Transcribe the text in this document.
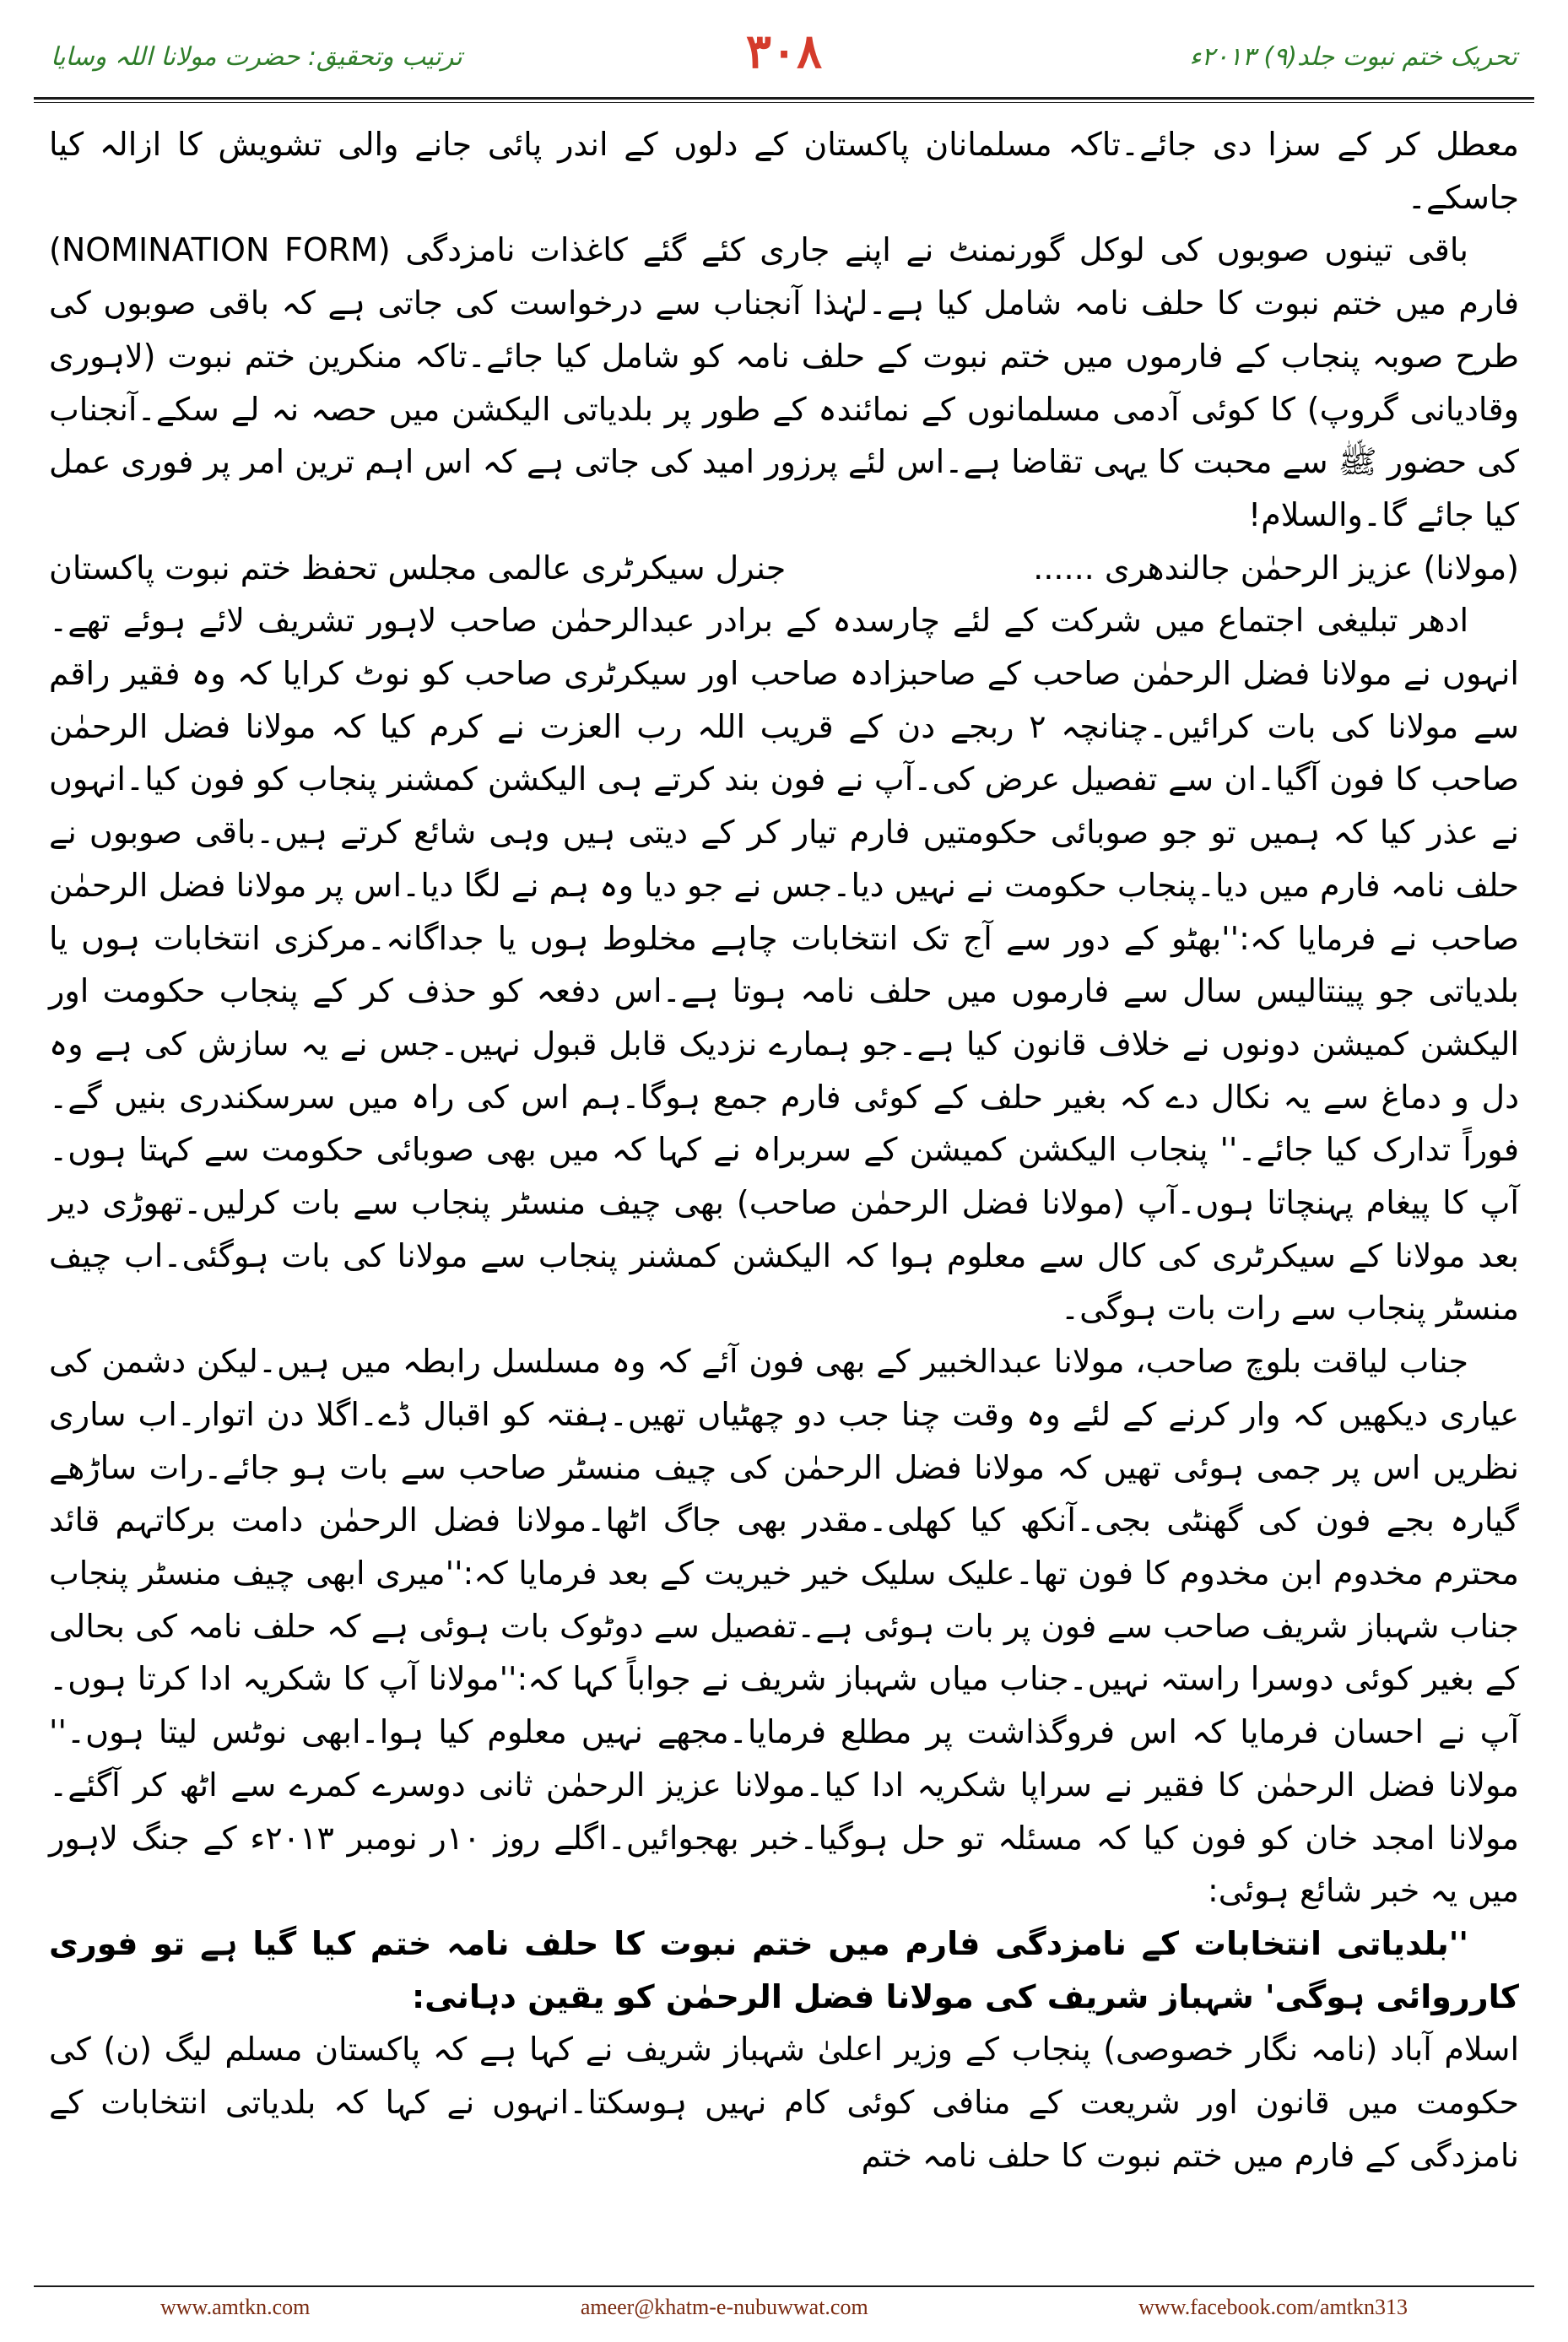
تحریک ختم نبوت جلد(۹) ۲۰۱۳ء
۳۰۸
ترتیب وتحقیق: حضرت مولانا اللہ وسایا

معطل کر کے سزا دی جائے۔تاکہ مسلمانان پاکستان کے دلوں کے اندر پائی جانے والی تشویش کا ازالہ کیا جاسکے۔

باقی تینوں صوبوں کی لوکل گورنمنٹ نے اپنے جاری کئے گئے کاغذات نامزدگی (NOMINATION FORM) فارم میں ختم نبوت کا حلف نامہ شامل کیا ہے۔لہٰذا آنجناب سے درخواست کی جاتی ہے کہ باقی صوبوں کی طرح صوبہ پنجاب کے فارموں میں ختم نبوت کے حلف نامہ کو شامل کیا جائے۔تاکہ منکرین ختم نبوت (لاہوری وقادیانی گروپ) کا کوئی آدمی مسلمانوں کے نمائندہ کے طور پر بلدیاتی الیکشن میں حصہ نہ لے سکے۔آنجناب کی حضور ﷺ سے محبت کا یہی تقاضا ہے۔اس لئے پرزور امید کی جاتی ہے کہ اس اہم ترین امر پر فوری عمل کیا جائے گا۔والسلام!

(مولانا) عزیز الرحمٰن جالندھری ......
جنرل سیکرٹری عالمی مجلس تحفظ ختم نبوت پاکستان

ادھر تبلیغی اجتماع میں شرکت کے لئے چارسدہ کے برادر عبدالرحمٰن صاحب لاہور تشریف لائے ہوئے تھے۔انہوں نے مولانا فضل الرحمٰن صاحب کے صاحبزادہ صاحب اور سیکرٹری صاحب کو نوٹ کرایا کہ وہ فقیر راقم سے مولانا کی بات کرائیں۔چنانچہ ۲ ربجے دن کے قریب اللہ رب العزت نے کرم کیا کہ مولانا فضل الرحمٰن صاحب کا فون آگیا۔ان سے تفصیل عرض کی۔آپ نے فون بند کرتے ہی الیکشن کمشنر پنجاب کو فون کیا۔انہوں نے عذر کیا کہ ہمیں تو جو صوبائی حکومتیں فارم تیار کر کے دیتی ہیں وہی شائع کرتے ہیں۔باقی صوبوں نے حلف نامہ فارم میں دیا۔پنجاب حکومت نے نہیں دیا۔جس نے جو دیا وہ ہم نے لگا دیا۔اس پر مولانا فضل الرحمٰن صاحب نے فرمایا کہ:''بھٹو کے دور سے آج تک انتخابات چاہے مخلوط ہوں یا جداگانہ۔مرکزی انتخابات ہوں یا بلدیاتی جو پینتالیس سال سے فارموں میں حلف نامہ ہوتا ہے۔اس دفعہ کو حذف کر کے پنجاب حکومت اور الیکشن کمیشن دونوں نے خلاف قانون کیا ہے۔جو ہمارے نزدیک قابل قبول نہیں۔جس نے یہ سازش کی ہے وہ دل و دماغ سے یہ نکال دے کہ بغیر حلف کے کوئی فارم جمع ہوگا۔ہم اس کی راہ میں سرسکندری بنیں گے۔فوراً تدارک کیا جائے۔'' پنجاب الیکشن کمیشن کے سربراہ نے کہا کہ میں بھی صوبائی حکومت سے کہتا ہوں۔آپ کا پیغام پہنچاتا ہوں۔آپ (مولانا فضل الرحمٰن صاحب) بھی چیف منسٹر پنجاب سے بات کرلیں۔تھوڑی دیر بعد مولانا کے سیکرٹری کی کال سے معلوم ہوا کہ الیکشن کمشنر پنجاب سے مولانا کی بات ہوگئی۔اب چیف منسٹر پنجاب سے رات بات ہوگی۔

جناب لیاقت بلوچ صاحب، مولانا عبدالخبیر کے بھی فون آئے کہ وہ مسلسل رابطہ میں ہیں۔لیکن دشمن کی عیاری دیکھیں کہ وار کرنے کے لئے وہ وقت چنا جب دو چھٹیاں تھیں۔ہفتہ کو اقبال ڈے۔اگلا دن اتوار۔اب ساری نظریں اس پر جمی ہوئی تھیں کہ مولانا فضل الرحمٰن کی چیف منسٹر صاحب سے بات ہو جائے۔رات ساڑھے گیارہ بجے فون کی گھنٹی بجی۔آنکھ کیا کھلی۔مقدر بھی جاگ اٹھا۔مولانا فضل الرحمٰن دامت برکاتہم قائد محترم مخدوم ابن مخدوم کا فون تھا۔علیک سلیک خیر خیریت کے بعد فرمایا کہ:''میری ابھی چیف منسٹر پنجاب جناب شہباز شریف صاحب سے فون پر بات ہوئی ہے۔تفصیل سے دوٹوک بات ہوئی ہے کہ حلف نامہ کی بحالی کے بغیر کوئی دوسرا راستہ نہیں۔جناب میاں شہباز شریف نے جواباً کہا کہ:''مولانا آپ کا شکریہ ادا کرتا ہوں۔آپ نے احسان فرمایا کہ اس فروگذاشت پر مطلع فرمایا۔مجھے نہیں معلوم کیا ہوا۔ابھی نوٹس لیتا ہوں۔'' مولانا فضل الرحمٰن کا فقیر نے سراپا شکریہ ادا کیا۔مولانا عزیز الرحمٰن ثانی دوسرے کمرے سے اٹھ کر آگئے۔مولانا امجد خان کو فون کیا کہ مسئلہ تو حل ہوگیا۔خبر بھجوائیں۔اگلے روز ۱۰ر نومبر ۲۰۱۳ء کے جنگ لاہور میں یہ خبر شائع ہوئی:

''بلدیاتی انتخابات کے نامزدگی فارم میں ختم نبوت کا حلف نامہ ختم کیا گیا ہے تو فوری کارروائی ہوگی' شہباز شریف کی مولانا فضل الرحمٰن کو یقین دہانی:

اسلام آباد (نامہ نگار خصوصی) پنجاب کے وزیر اعلیٰ شہباز شریف نے کہا ہے کہ پاکستان مسلم لیگ (ن) کی حکومت میں قانون اور شریعت کے منافی کوئی کام نہیں ہوسکتا۔انہوں نے کہا کہ بلدیاتی انتخابات کے نامزدگی کے فارم میں ختم نبوت کا حلف نامہ ختم

www.amtkn.com	ameer@khatm-e-nubuwwat.com	www.facebook.com/amtkn313
